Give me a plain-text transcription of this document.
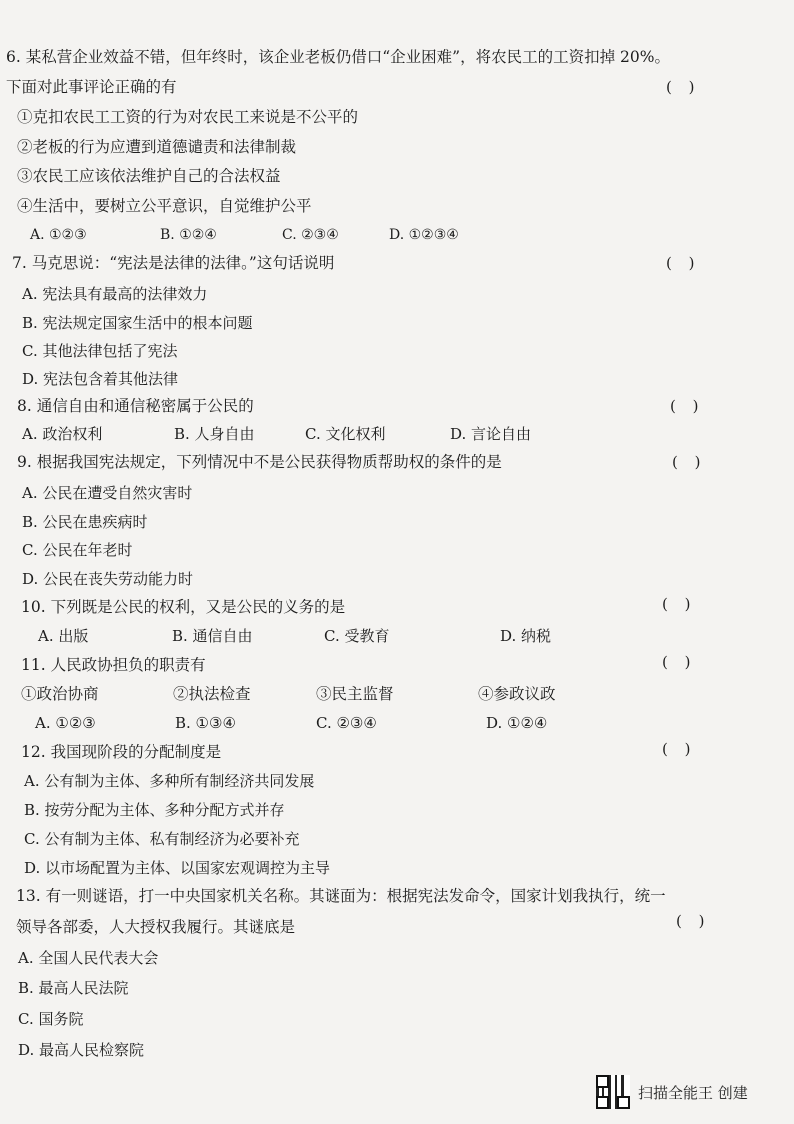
6. 某私营企业效益不错，但年终时，该企业老板仍借口“企业困难”，将农民工的工资扣掉 20%。
下面对此事评论正确的有	( )
①克扣农民工工资的行为对农民工来说是不公平的
②老板的行为应遭到道德谴责和法律制裁
③农民工应该依法维护自己的合法权益
④生活中，要树立公平意识，自觉维护公平
A. ①②③	B. ①②④	C. ②③④	D. ①②③④
7. 马克思说：“宪法是法律的法律。”这句话说明	( )
A. 宪法具有最高的法律效力
B. 宪法规定国家生活中的根本问题
C. 其他法律包括了宪法
D. 宪法包含着其他法律
8. 通信自由和通信秘密属于公民的	( )
A. 政治权利	B. 人身自由	C. 文化权利	D. 言论自由
9. 根据我国宪法规定，下列情况中不是公民获得物质帮助权的条件的是	( )
A. 公民在遭受自然灾害时
B. 公民在患疾病时
C. 公民在年老时
D. 公民在丧失劳动能力时
10. 下列既是公民的权利，又是公民的义务的是	( )
A. 出版	B. 通信自由	C. 受教育	D. 纳税
11. 人民政协担负的职责有	( )
①政治协商	②执法检查	③民主监督	④参政议政
A. ①②③	B. ①③④	C. ②③④	D. ①②④
12. 我国现阶段的分配制度是	( )
A. 公有制为主体、多种所有制经济共同发展
B. 按劳分配为主体、多种分配方式并存
C. 公有制为主体、私有制经济为必要补充
D. 以市场配置为主体、以国家宏观调控为主导
13. 有一则谜语，打一中央国家机关名称。其谜面为：根据宪法发命令，国家计划我执行，统一
( )
领导各部委，人大授权我履行。其谜底是
A. 全国人民代表大会
B. 最高人民法院
C. 国务院
D. 最高人民检察院
扫描全能王 创建
